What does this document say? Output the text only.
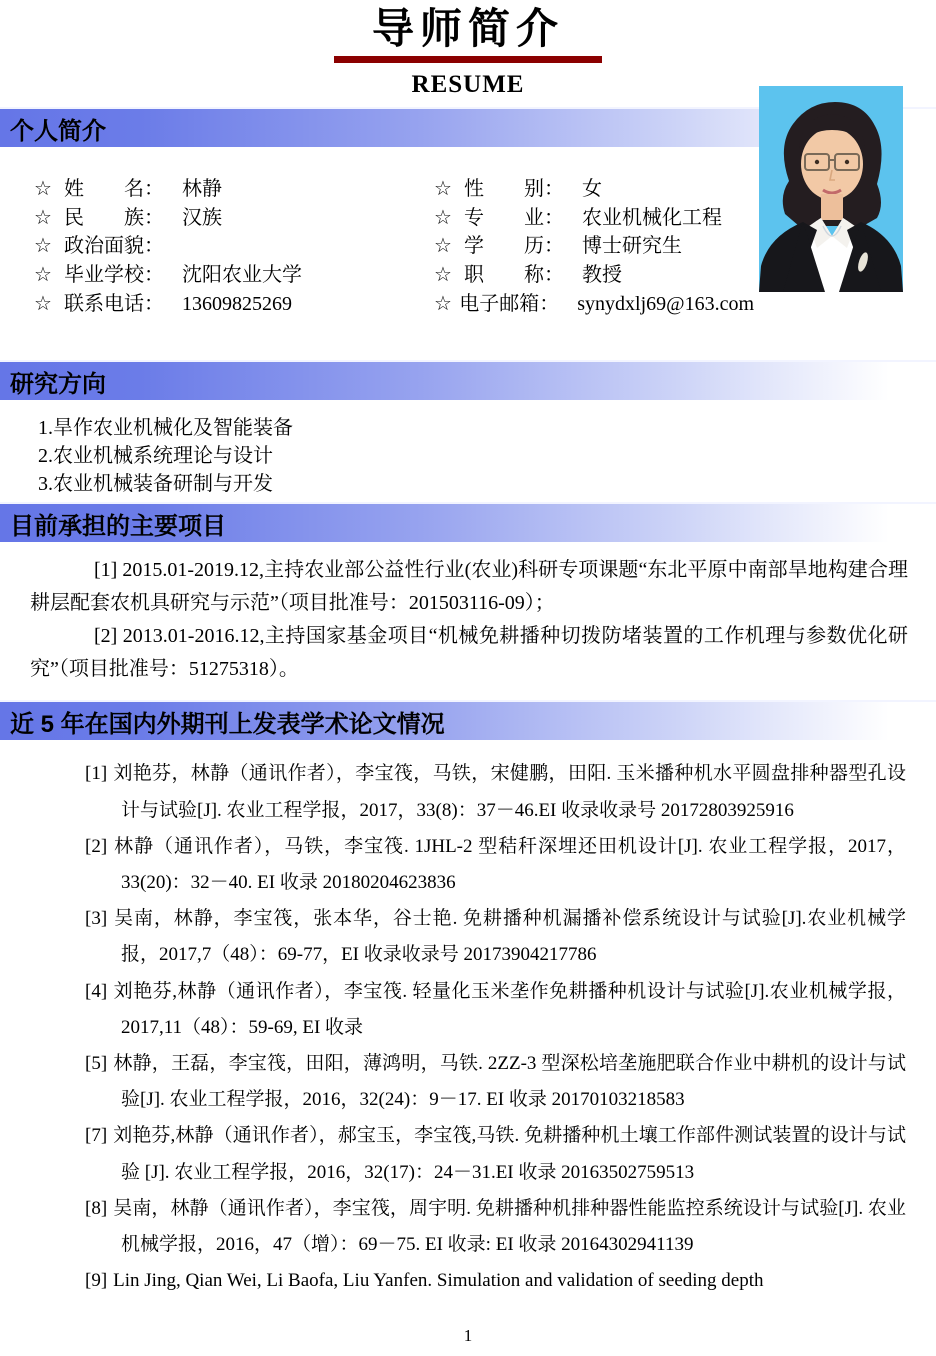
导师简介
RESUME
个人简介
☆ 姓　　名： 林静
☆ 民　　族： 汉族
☆ 政治面貌：
☆ 毕业学校： 沈阳农业大学
☆ 联系电话： 13609825269
☆ 性　　别： 女
☆ 专　　业： 农业机械化工程
☆ 学　　历： 博士研究生
☆ 职　　称： 教授
☆ 电子邮箱： synydxlj69@163.com
研究方向
1.旱作农业机械化及智能装备
2.农业机械系统理论与设计
3.农业机械装备研制与开发
目前承担的主要项目

[1] 2015.01-2019.12,主持农业部公益性行业(农业)科研专项课题“东北平原中南部旱地构建合理耕层配套农机具研究与示范”（项目批准号：201503116-09）；

[2] 2013.01-2016.12,主持国家基金项目“机械免耕播种切拨防堵装置的工作机理与参数优化研究”（项目批准号：51275318）。

近 5 年在国内外期刊上发表学术论文情况

[1] 刘艳芬，林静（通讯作者），李宝筏，马铁，宋健鹏，田阳. 玉米播种机水平圆盘排种器型孔设计与试验[J]. 农业工程学报，2017，33(8)：37－46.EI 收录收录号 20172803925916

[2] 林静（通讯作者），马铁，李宝筏. 1JHL-2 型秸秆深埋还田机设计[J]. 农业工程学报，2017，33(20)：32－40. EI 收录 20180204623836

[3] 吴南，林静，李宝筏，张本华，谷士艳. 免耕播种机漏播补偿系统设计与试验[J].农业机械学报，2017,7（48）：69-77，EI 收录收录号 20173904217786

[4] 刘艳芬,林静（通讯作者），李宝筏. 轻量化玉米垄作免耕播种机设计与试验[J].农业机械学报，2017,11（48）：59-69, EI 收录

[5] 林静，王磊，李宝筏，田阳，薄鸿明，马铁. 2ZZ-3 型深松培垄施肥联合作业中耕机的设计与试验[J]. 农业工程学报，2016，32(24)：9－17. EI 收录 20170103218583

[7] 刘艳芬,林静（通讯作者），郝宝玉，李宝筏,马铁. 免耕播种机土壤工作部件测试装置的设计与试验 [J]. 农业工程学报，2016，32(17)：24－31.EI 收录 20163502759513

[8] 吴南，林静（通讯作者），李宝筏，周宇明. 免耕播种机排种器性能监控系统设计与试验[J]. 农业机械学报，2016，47（增）：69－75. EI 收录: EI 收录 20164302941139

[9] Lin Jing, Qian Wei, Li Baofa, Liu Yanfen. Simulation and validation of seeding depth

1
